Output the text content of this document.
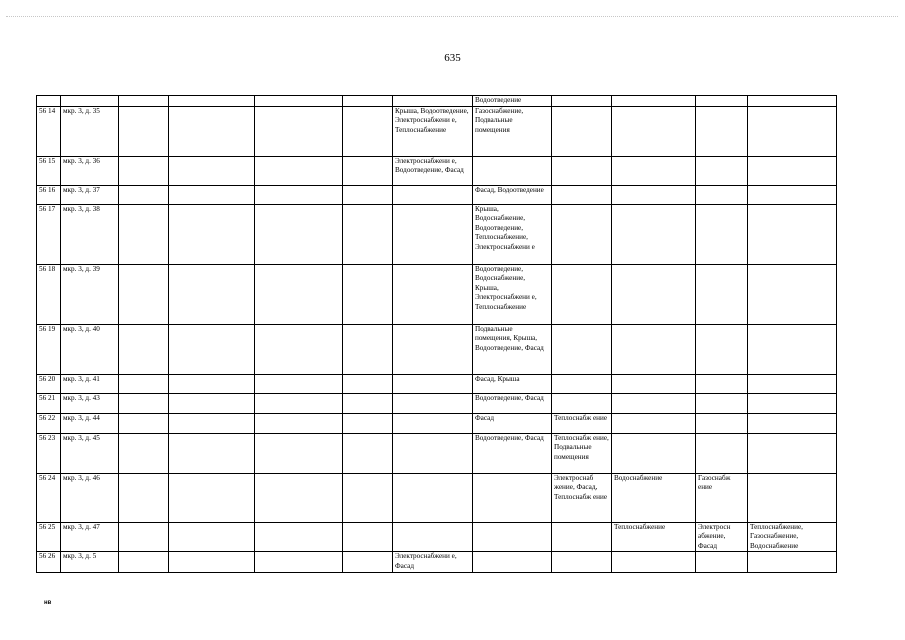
635
							Водоотведение				
56 14	мкр. 3, д. 35					Крыша, Водоотведение, Электроснабжени е, Теплоснабжение	Газоснабжение, Подвальные помещения				
56 15	мкр. 3, д. 36					Электроснабжени е, Водоотведение, Фасад					
56 16	мкр. 3, д. 37						Фасад, Водоотведение				
56 17	мкр. 3, д. 38						Крыша, Водоснабжение, Водоотведение, Теплоснабжение, Электроснабжени е				
56 18	мкр. 3, д. 39						Водоотведение, Водоснабжение, Крыша, Электроснабжени е, Теплоснабжение				
56 19	мкр. 3, д. 40						Подвальные помещения, Крыша, Водоотведение, Фасад				
56 20	мкр. 3, д. 41						Фасад, Крыша				
56 21	мкр. 3, д. 43						Водоотведение, Фасад				
56 22	мкр. 3, д. 44						Фасад	Теплоснабж ение			
56 23	мкр. 3, д. 45						Водоотведение, Фасад	Теплоснабж ение, Подвальные помещения			
56 24	мкр. 3, д. 46							Электроснаб жение, Фасад, Теплоснабж ение	Водоснабжение	Газоснабж ение	
56 25	мкр. 3, д. 47								Теплоснабжение	Электросн абжение, Фасад	Теплоснабжение, Газоснабжение, Водоснабжение
56 26	мкр. 3, д. 5					Электроснабжени е, Фасад					
нв
